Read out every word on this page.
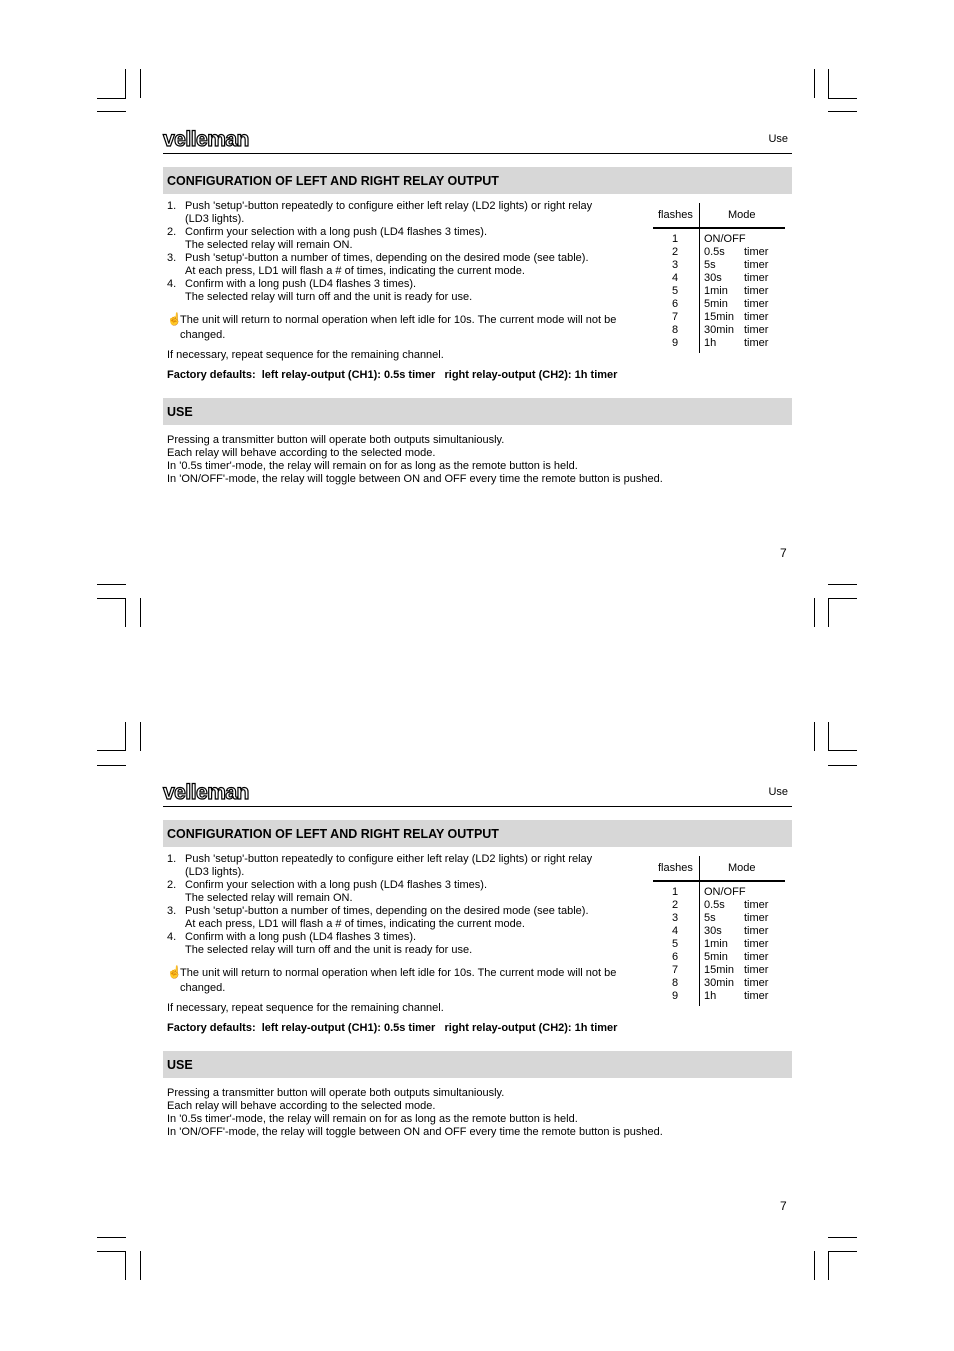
velleman	Use
CONFIGURATION OF LEFT AND RIGHT RELAY OUTPUT
1. Push 'setup'-button repeatedly to configure either left relay (LD2 lights) or right relay
(LD3 lights).
2. Confirm your selection with a long push (LD4 flashes 3 times).
The selected relay will remain ON.
3. Push 'setup'-button a number of times, depending on the desired mode (see table).
At each press, LD1 will flash a # of times, indicating the current mode.
4. Confirm with a long push (LD4 flashes 3 times).
The selected relay will turn off and the unit is ready for use.
☝
The unit will return to normal operation when left idle for 10s. The current mode will not be changed.
If necessary, repeat sequence for the remaining channel.
Factory defaults:  left relay-output (CH1): 0.5s timer   right relay-output (CH2): 1h timer
flashes	Mode
1 ON/OFF
2 0.5s timer
3 5s	timer
4 30s timer
5 1min timer
6 5min timer
7 15min timer
8 30min timer
9 1h	timer
USE
Pressing a transmitter button will operate both outputs simultaniously.
Each relay will behave according to the selected mode.
In '0.5s timer'-mode, the relay will remain on for as long as the remote button is held.
In 'ON/OFF'-mode, the relay will toggle between ON and OFF every time the remote button is pushed.
7
velleman	Use
CONFIGURATION OF LEFT AND RIGHT RELAY OUTPUT
1. Push 'setup'-button repeatedly to configure either left relay (LD2 lights) or right relay
(LD3 lights).
2. Confirm your selection with a long push (LD4 flashes 3 times).
The selected relay will remain ON.
3. Push 'setup'-button a number of times, depending on the desired mode (see table).
At each press, LD1 will flash a # of times, indicating the current mode.
4. Confirm with a long push (LD4 flashes 3 times).
The selected relay will turn off and the unit is ready for use.
☝
The unit will return to normal operation when left idle for 10s. The current mode will not be changed.
If necessary, repeat sequence for the remaining channel.
Factory defaults:  left relay-output (CH1): 0.5s timer   right relay-output (CH2): 1h timer
flashes	Mode
1 ON/OFF
2 0.5s timer
3 5s	timer
4 30s timer
5 1min timer
6 5min timer
7 15min timer
8 30min timer
9 1h	timer
USE
Pressing a transmitter button will operate both outputs simultaniously.
Each relay will behave according to the selected mode.
In '0.5s timer'-mode, the relay will remain on for as long as the remote button is held.
In 'ON/OFF'-mode, the relay will toggle between ON and OFF every time the remote button is pushed.
7
